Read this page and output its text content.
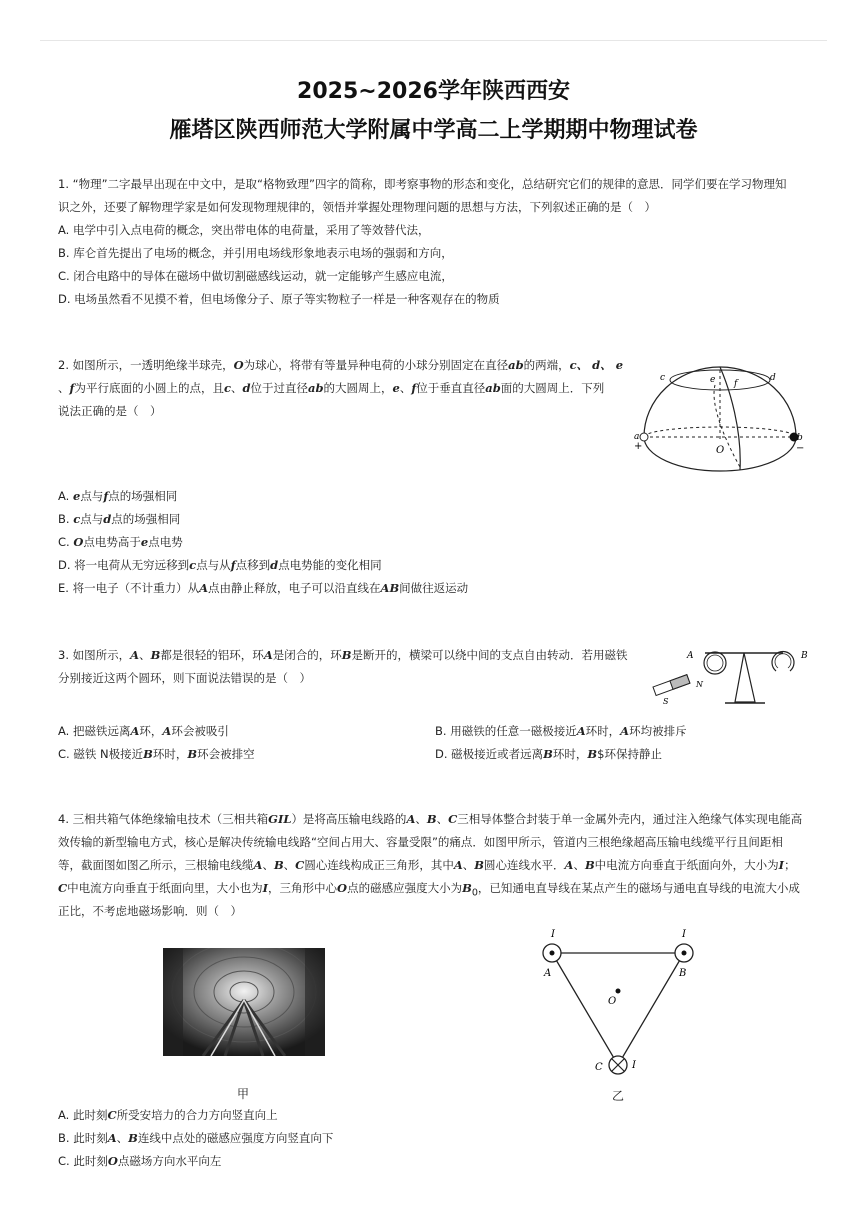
2025~2026学年陕西西安
雁塔区陕西师范大学附属中学高二上学期期中物理试卷
1. “物理”二字最早出现在中文中，是取“格物致理”四字的简称，即考察事物的形态和变化，总结研究它们的规律的意思．同学们要在学习物理知
识之外，还要了解物理学家是如何发现物理规律的，领悟并掌握处理物理问题的思想与方法，下列叙述正确的是（　）
A. 电学中引入点电荷的概念，突出带电体的电荷量，采用了等效替代法，
B. 库仑首先提出了电场的概念，并引用电场线形象地表示电场的强弱和方向，
C. 闭合电路中的导体在磁场中做切割磁感线运动，就一定能够产生感应电流，
D. 电场虽然看不见摸不着，但电场像分子、原子等实物粒子一样是一种客观存在的物质
2. 如图所示，一透明绝缘半球壳，O为球心，将带有等量异种电荷的小球分别固定在直径ab的两端，c、 d、 e
、f为平行底面的小圆上的点，且c、d位于过直径ab的大圆周上，e、f位于垂直直径ab面的大圆周上．下列
说法正确的是（　）
c	e f
d
a
+
b
−
O
A. e点与f点的场强相同
B. c点与d点的场强相同
C. O点电势高于e点电势
D. 将一电荷从无穷远移到c点与从f点移到d点电势能的变化相同
E. 将一电子（不计重力）从A点由静止释放，电子可以沿直线在AB间做往返运动
3. 如图所示，A、B都是很轻的铝环，环A是闭合的，环B是断开的，横梁可以绕中间的支点自由转动．若用磁铁
分别接近这两个圆环，则下面说法错误的是（　）
A	B
N
S
A. 把磁铁远离A环，A环会被吸引	B. 用磁铁的任意一磁极接近A环时，A环均被排斥
C. 磁铁 N极接近B环时，B环会被排空	D. 磁极接近或者远离B环时，B$环保持静止
4. 三相共箱气体绝缘输电技术（三相共箱GIL）是将高压输电线路的A、B、C三相导体整合封装于单一金属外壳内，通过注入绝缘气体实现电能高
效传输的新型输电方式，核心是解决传统输电线路“空间占用大、容量受限”的痛点．如图甲所示，管道内三根绝缘超高压输电线缆平行且间距相
等，截面图如图乙所示，三根输电线缆A、B、C圆心连线构成正三角形，其中A、B圆心连线水平．A、B中电流方向垂直于纸面向外，大小为I；
C中电流方向垂直于纸面向里，大小也为I，三角形中心O点的磁感应强度大小为$B_0$，已知通电直导线在某点产生的磁场与通电直导线的电流大小成
正比，不考虑地磁场影响．则（　）
甲
I	I
I
A	B
C
O
乙
A. 此时刻C所受安培力的合力方向竖直向上
B. 此时刻A、B连线中点处的磁感应强度方向竖直向下
C. 此时刻O点磁场方向水平向左
